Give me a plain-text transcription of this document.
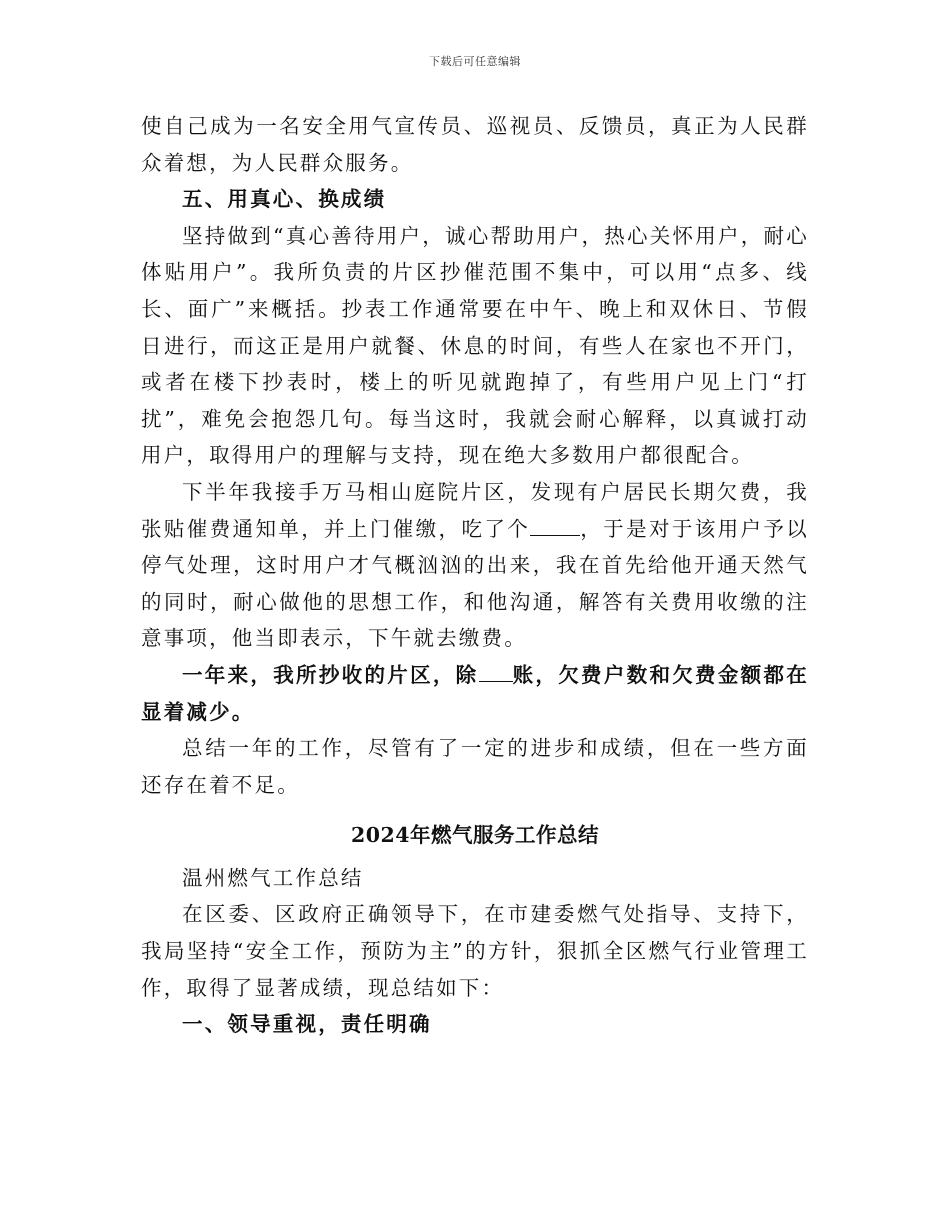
下载后可任意编辑

使自己成为一名安全用气宣传员、巡视员、反馈员，真正为人民群众着想，为人民群众服务。

五、用真心、换成绩

坚持做到“真心善待用户，诚心帮助用户，热心关怀用户，耐心体贴用户”。我所负责的片区抄催范围不集中，可以用“点多、线长、面广”来概括。抄表工作通常要在中午、晚上和双休日、节假日进行，而这正是用户就餐、休息的时间，有些人在家也不开门，或者在楼下抄表时，楼上的听见就跑掉了，有些用户见上门“打扰”，难免会抱怨几句。每当这时，我就会耐心解释，以真诚打动用户，取得用户的理解与支持，现在绝大多数用户都很配合。

下半年我接手万马相山庭院片区，发现有户居民长期欠费，我张贴催费通知单，并上门催缴，吃了个 ，于是对于该用户予以停气处理，这时用户才气概汹汹的出来，我在首先给他开通天然气的同时，耐心做他的思想工作，和他沟通，解答有关费用收缴的注意事项，他当即表示，下午就去缴费。

一年来，我所抄收的片区，除 账，欠费户数和欠费金额都在显着减少。

总结一年的工作，尽管有了一定的进步和成绩，但在一些方面还存在着不足。

2024年燃气服务工作总结

温州燃气工作总结

在区委、区政府正确领导下，在市建委燃气处指导、支持下，我局坚持“安全工作，预防为主”的方针，狠抓全区燃气行业管理工作，取得了显著成绩，现总结如下：

一、领导重视，责任明确
